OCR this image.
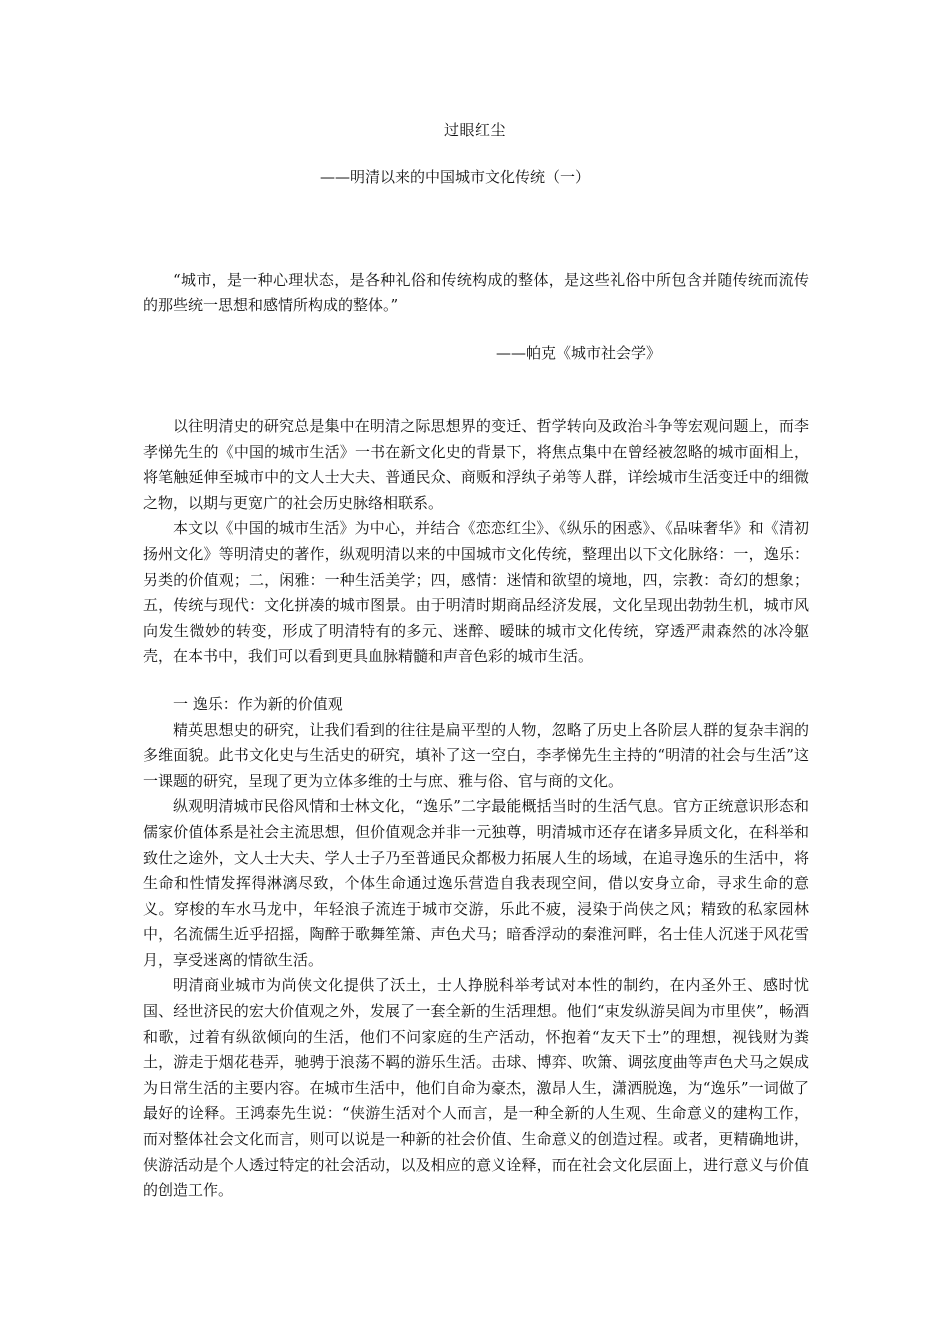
过眼红尘
——明清以来的中国城市文化传统（一）

“城市，是一种心理状态，是各种礼俗和传统构成的整体，是这些礼俗中所包含并随传统而流传的那些统一思想和感情所构成的整体。”

——帕克《城市社会学》

以往明清史的研究总是集中在明清之际思想界的变迁、哲学转向及政治斗争等宏观问题上，而李孝悌先生的《中国的城市生活》一书在新文化史的背景下，将焦点集中在曾经被忽略的城市面相上，将笔触延伸至城市中的文人士大夫、普通民众、商贩和浮纨子弟等人群，详绘城市生活变迁中的细微之物，以期与更宽广的社会历史脉络相联系。

本文以《中国的城市生活》为中心，并结合《恋恋红尘》、《纵乐的困惑》、《品味奢华》和《清初扬州文化》等明清史的著作，纵观明清以来的中国城市文化传统，整理出以下文化脉络：一，逸乐：另类的价值观；二，闲雅：一种生活美学；四，感情：迷情和欲望的境地，四，宗教：奇幻的想象；五，传统与现代：文化拼凑的城市图景。由于明清时期商品经济发展，文化呈现出勃勃生机，城市风向发生微妙的转变，形成了明清特有的多元、迷醉、暧昧的城市文化传统，穿透严肃森然的冰冷躯壳，在本书中，我们可以看到更具血脉精髓和声音色彩的城市生活。

一 逸乐：作为新的价值观

精英思想史的研究，让我们看到的往往是扁平型的人物，忽略了历史上各阶层人群的复杂丰润的多维面貌。此书文化史与生活史的研究，填补了这一空白，李孝悌先生主持的“明清的社会与生活”这一课题的研究，呈现了更为立体多维的士与庶、雅与俗、官与商的文化。

纵观明清城市民俗风情和士林文化，“逸乐”二字最能概括当时的生活气息。官方正统意识形态和儒家价值体系是社会主流思想，但价值观念并非一元独尊，明清城市还存在诸多异质文化，在科举和致仕之途外，文人士大夫、学人士子乃至普通民众都极力拓展人生的场域，在追寻逸乐的生活中，将生命和性情发挥得淋漓尽致，个体生命通过逸乐营造自我表现空间，借以安身立命，寻求生命的意义。穿梭的车水马龙中，年轻浪子流连于城市交游，乐此不疲，浸染于尚侠之风；精致的私家园林中，名流儒生近乎招摇，陶醉于歌舞笙箫、声色犬马；暗香浮动的秦淮河畔，名士佳人沉迷于风花雪月，享受迷离的情欲生活。

明清商业城市为尚侠文化提供了沃土，士人挣脱科举考试对本性的制约，在内圣外王、感时忧国、经世济民的宏大价值观之外，发展了一套全新的生活理想。他们“束发纵游吴闾为市里侠”，畅酒和歌，过着有纵欲倾向的生活，他们不问家庭的生产活动，怀抱着“友天下士”的理想，视钱财为粪土，游走于烟花巷弄，驰骋于浪荡不羁的游乐生活。击球、博弈、吹箫、调弦度曲等声色犬马之娱成为日常生活的主要内容。在城市生活中，他们自命为豪杰，激昂人生，潇洒脱逸，为“逸乐”一词做了最好的诠释。王鸿泰先生说：“侠游生活对个人而言，是一种全新的人生观、生命意义的建构工作，而对整体社会文化而言，则可以说是一种新的社会价值、生命意义的创造过程。或者，更精确地讲，侠游活动是个人透过特定的社会活动，以及相应的意义诠释，而在社会文化层面上，进行意义与价值的创造工作。
